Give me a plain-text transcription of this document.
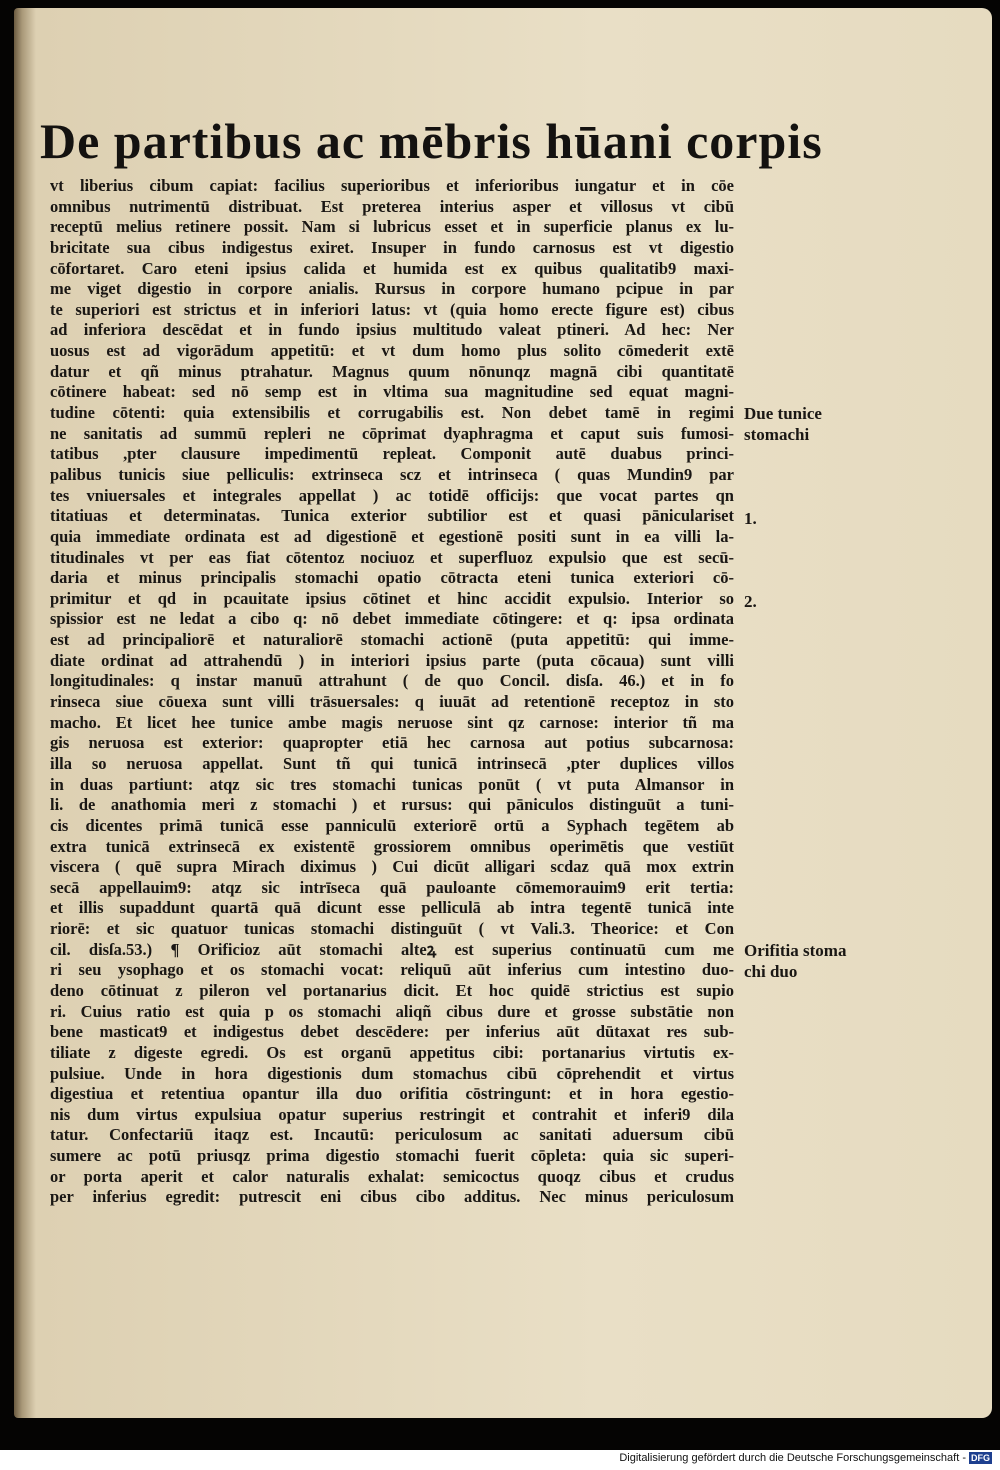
De partibus ac mēbris hūani corpis
vt liberius cibum capiat: facilius superioribus et inferioribus iungatur et in cōe
omnibus nutrimentū distribuat. Est preterea interius asper et villosus vt cibū
receptū melius retinere possit. Nam si lubricus esset et in superficie planus ex lu-
bricitate sua cibus indigestus exiret. Insuper in fundo carnosus est vt digestio
cōfortaret. Caro eteni ipsius calida et humida est ex quibus qualitatib9 maxi-
me viget digestio in corpore anialis. Rursus in corpore humano pcipue in par
te superiori est strictus et in inferiori latus: vt (quia homo erecte figure est) cibus
ad inferiora descēdat et in fundo ipsius multitudo valeat ptineri. Ad hec: Ner
uosus est ad vigorādum appetitū: et vt dum homo plus solito cōmederit extē
datur et qñ minus ptrahatur. Magnus quum nōnunqz magnā cibi quantitatē
cōtinere habeat: sed nō semp est in vltima sua magnitudine sed equat magni-
tudine cōtenti: quia extensibilis et corrugabilis est. Non debet tamē in regimi
ne sanitatis ad summū repleri ne cōprimat dyaphragma et caput suis fumosi-
tatibus ,pter clausure impedimentū repleat. Componit autē duabus princi-
palibus tunicis siue pelliculis: extrinseca scz et intrinseca ( quas Mundin9 par
tes vniuersales et integrales appellat ) ac totidē officijs: que vocat partes qn
titatiuas et determinatas. Tunica exterior subtilior est et quasi pāniculariset
quia immediate ordinata est ad digestionē et egestionē positi sunt in ea villi la-
titudinales vt per eas fiat cōtentoz nociuoz et superfluoz expulsio que est secū-
daria et minus principalis stomachi opatio cōtracta eteni tunica exteriori cō-
primitur et qd in pcauitate ipsius cōtinet et hinc accidit expulsio. Interior so
spissior est ne ledat a cibo q: nō debet immediate cōtingere: et q: ipsa ordinata
est ad principaliorē et naturaliorē stomachi actionē (puta appetitū: qui imme-
diate ordinat ad attrahendū ) in interiori ipsius parte (puta cōcaua) sunt villi
longitudinales: q instar manuū attrahunt ( de quo Concil. disſa. 46.) et in fo
rinseca siue cōuexa sunt villi trāsuersales: q iuuāt ad retentionē receptoz in sto
macho. Et licet hee tunice ambe magis neruose sint qz carnose: interior tñ ma
gis neruosa est exterior: quapropter etiā hec carnosa aut potius subcarnosa:
illa so neruosa appellat. Sunt tñ qui tunicā intrinsecā ,pter duplices villos
in duas partiunt: atqz sic tres stomachi tunicas ponūt ( vt puta Almansor in
li. de anathomia meri z stomachi ) et rursus: qui pāniculos distinguūt a tuni-
cis dicentes primā tunicā esse panniculū exteriorē ortū a Syphach tegētem ab
extra tunicā extrinsecā ex existentē grossiorem omnibus operimētis que vestiūt
viscera ( quē supra Mirach diximus ) Cui dicūt alligari scdaz quā mox extrin
secā appellauim9: atqz sic intrīseca quā pauloante cōmemorauim9 erit tertia:
et illis supaddunt quartā quā dicunt esse pelliculā ab intra tegentē tunicā inte
riorē: et sic quatuor tunicas stomachi distinguūt ( vt Vali.3. Theorice: et Con
cil. disſa.53.) ¶ Orificioz aūt stomachi alteꝝ est superius continuatū cum me
ri seu ysophago et os stomachi vocat: reliquū aūt inferius cum intestino duo-
deno cōtinuat z pileron vel portanarius dicit. Et hoc quidē strictius est supio
ri. Cuius ratio est quia p os stomachi aliqñ cibus dure et grosse substātie non
bene masticat9 et indigestus debet descēdere: per inferius aūt dūtaxat res sub-
tiliate z digeste egredi. Os est organū appetitus cibi: portanarius virtutis ex-
pulsiue. Unde in hora digestionis dum stomachus cibū cōprehendit et virtus
digestiua et retentiua opantur illa duo orifitia cōstringunt: et in hora egestio-
nis dum virtus expulsiua opatur superius restringit et contrahit et inferi9 dila
tatur. Confectariū itaqz est. Incautū: periculosum ac sanitati aduersum cibū
sumere ac potū priusqz prima digestio stomachi fuerit cōpleta: quia sic superi-
or porta aperit et calor naturalis exhalat: semicoctus quoqz cibus et crudus
per inferius egredit: putrescit eni cibus cibo additus. Nec minus periculosum
Due tunice
stomachi
1.
2.
Orifitia stoma
chi duo
Digitalisierung gefördert durch die Deutsche Forschungsgemeinschaft - DFG
